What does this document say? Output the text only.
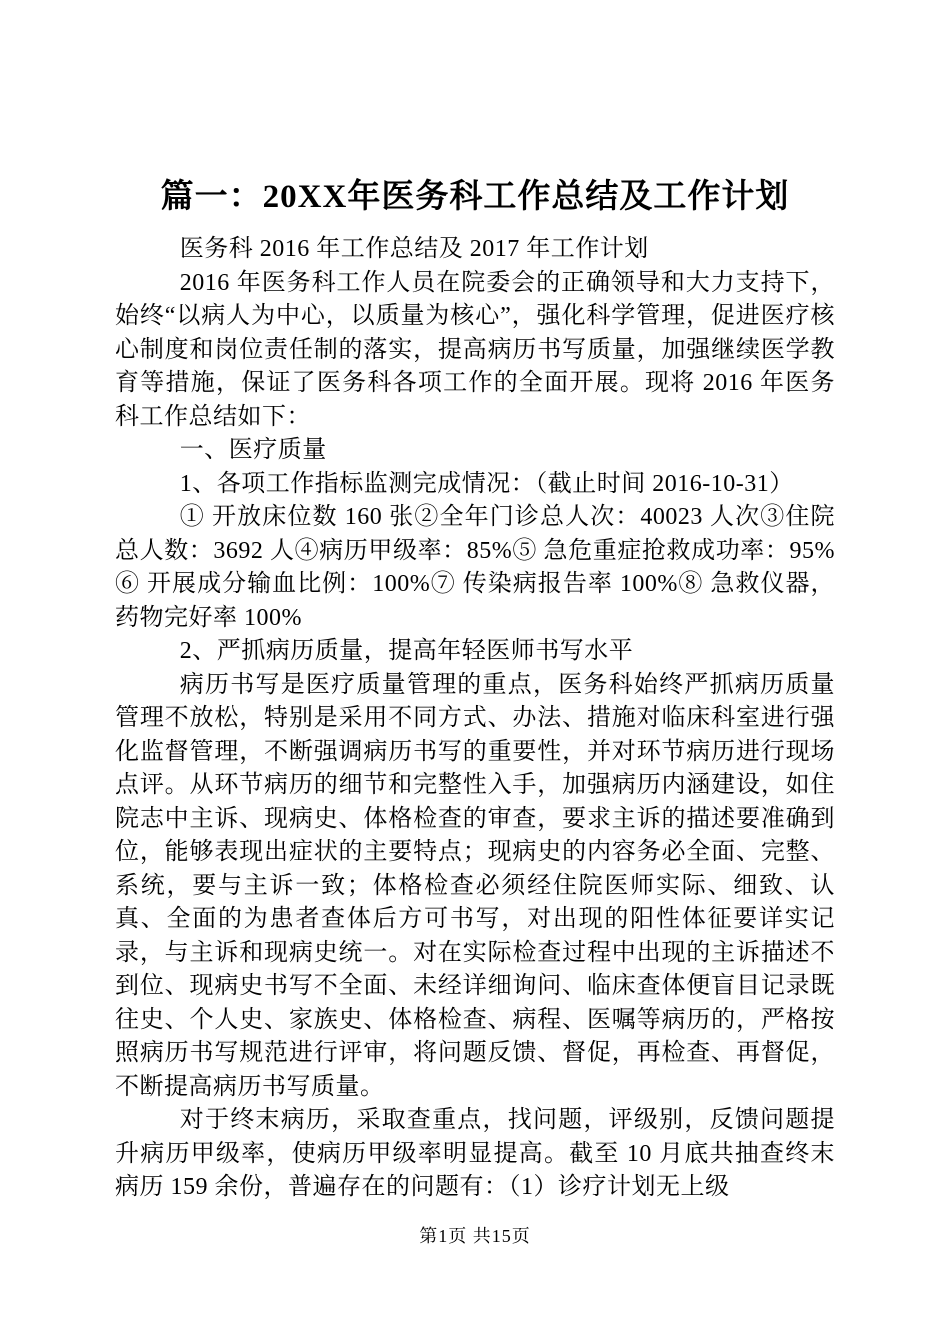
篇一：20XX年医务科工作总结及工作计划

医务科 2016 年工作总结及 2017 年工作计划

2016 年医务科工作人员在院委会的正确领导和大力支持下，始终“以病人为中心，以质量为核心”，强化科学管理，促进医疗核心制度和岗位责任制的落实，提高病历书写质量，加强继续医学教育等措施，保证了医务科各项工作的全面开展。现将 2016 年医务科工作总结如下：

一、医疗质量

1、各项工作指标监测完成情况：（截止时间 2016-10-31）

① 开放床位数 160 张②全年门诊总人次：40023 人次③住院总人数：3692 人④病历甲级率：85%⑤ 急危重症抢救成功率：95%⑥ 开展成分输血比例：100%⑦ 传染病报告率 100%⑧ 急救仪器，药物完好率 100%

2、严抓病历质量，提高年轻医师书写水平

病历书写是医疗质量管理的重点，医务科始终严抓病历质量管理不放松，特别是采用不同方式、办法、措施对临床科室进行强化监督管理，不断强调病历书写的重要性，并对环节病历进行现场点评。从环节病历的细节和完整性入手，加强病历内涵建设，如住院志中主诉、现病史、体格检查的审查，要求主诉的描述要准确到位，能够表现出症状的主要特点；现病史的内容务必全面、完整、系统，要与主诉一致；体格检查必须经住院医师实际、细致、认真、全面的为患者查体后方可书写，对出现的阳性体征要详实记录，与主诉和现病史统一。对在实际检查过程中出现的主诉描述不到位、现病史书写不全面、未经详细询问、临床查体便盲目记录既往史、个人史、家族史、体格检查、病程、医嘱等病历的，严格按照病历书写规范进行评审，将问题反馈、督促，再检查、再督促，不断提高病历书写质量。

对于终末病历，采取查重点，找问题，评级别，反馈问题提升病历甲级率，使病历甲级率明显提高。截至 10 月底共抽查终末病历 159 余份，普遍存在的问题有：（1）诊疗计划无上级

第1页 共15页
